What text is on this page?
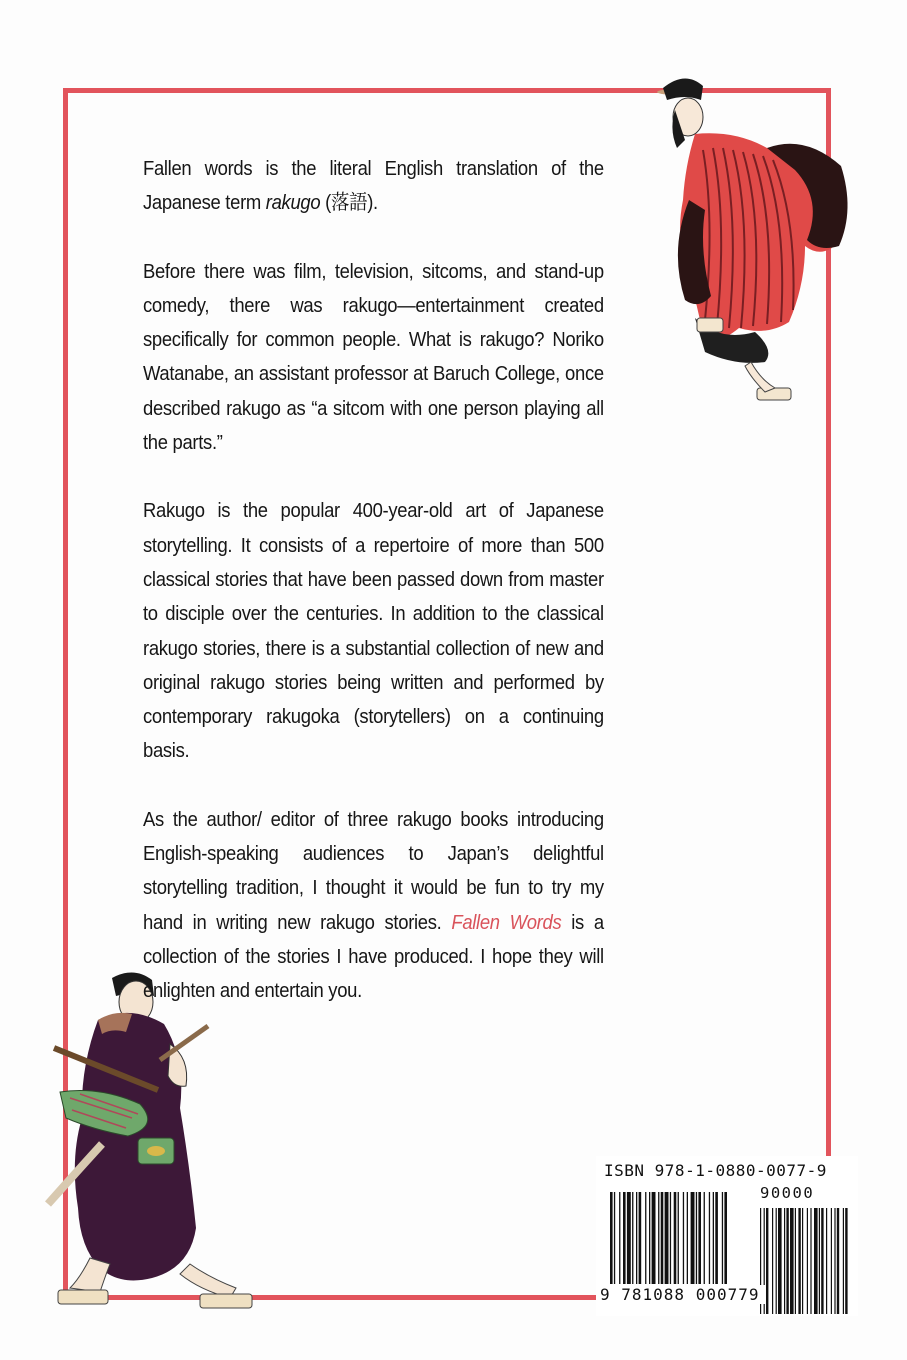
Fallen words is the literal English translation of the Japanese term rakugo (落語).

Before there was film, television, sitcoms, and stand-up comedy, there was rakugo—entertainment created specifically for common people. What is rakugo? Noriko Watanabe, an assistant professor at Baruch College, once described rakugo as “a sitcom with one person playing all the parts.”

Rakugo is the popular 400-year-old art of Japanese storytelling. It consists of a repertoire of more than 500 classical stories that have been passed down from master to disciple over the centuries. In addition to the classical rakugo stories, there is a substantial collection of new and original rakugo stories being written and performed by contemporary rakugoka (storytellers) on a continuing basis.

As the author/ editor of three rakugo books introducing English-speaking audiences to Japan’s delightful storytelling tradition, I thought it would be fun to try my hand in writing new rakugo stories. Fallen Words is a collection of the stories I have produced. I hope they will enlighten and entertain you.

ISBN 978-1-0880-0077-9
90000
9 781088 000779
